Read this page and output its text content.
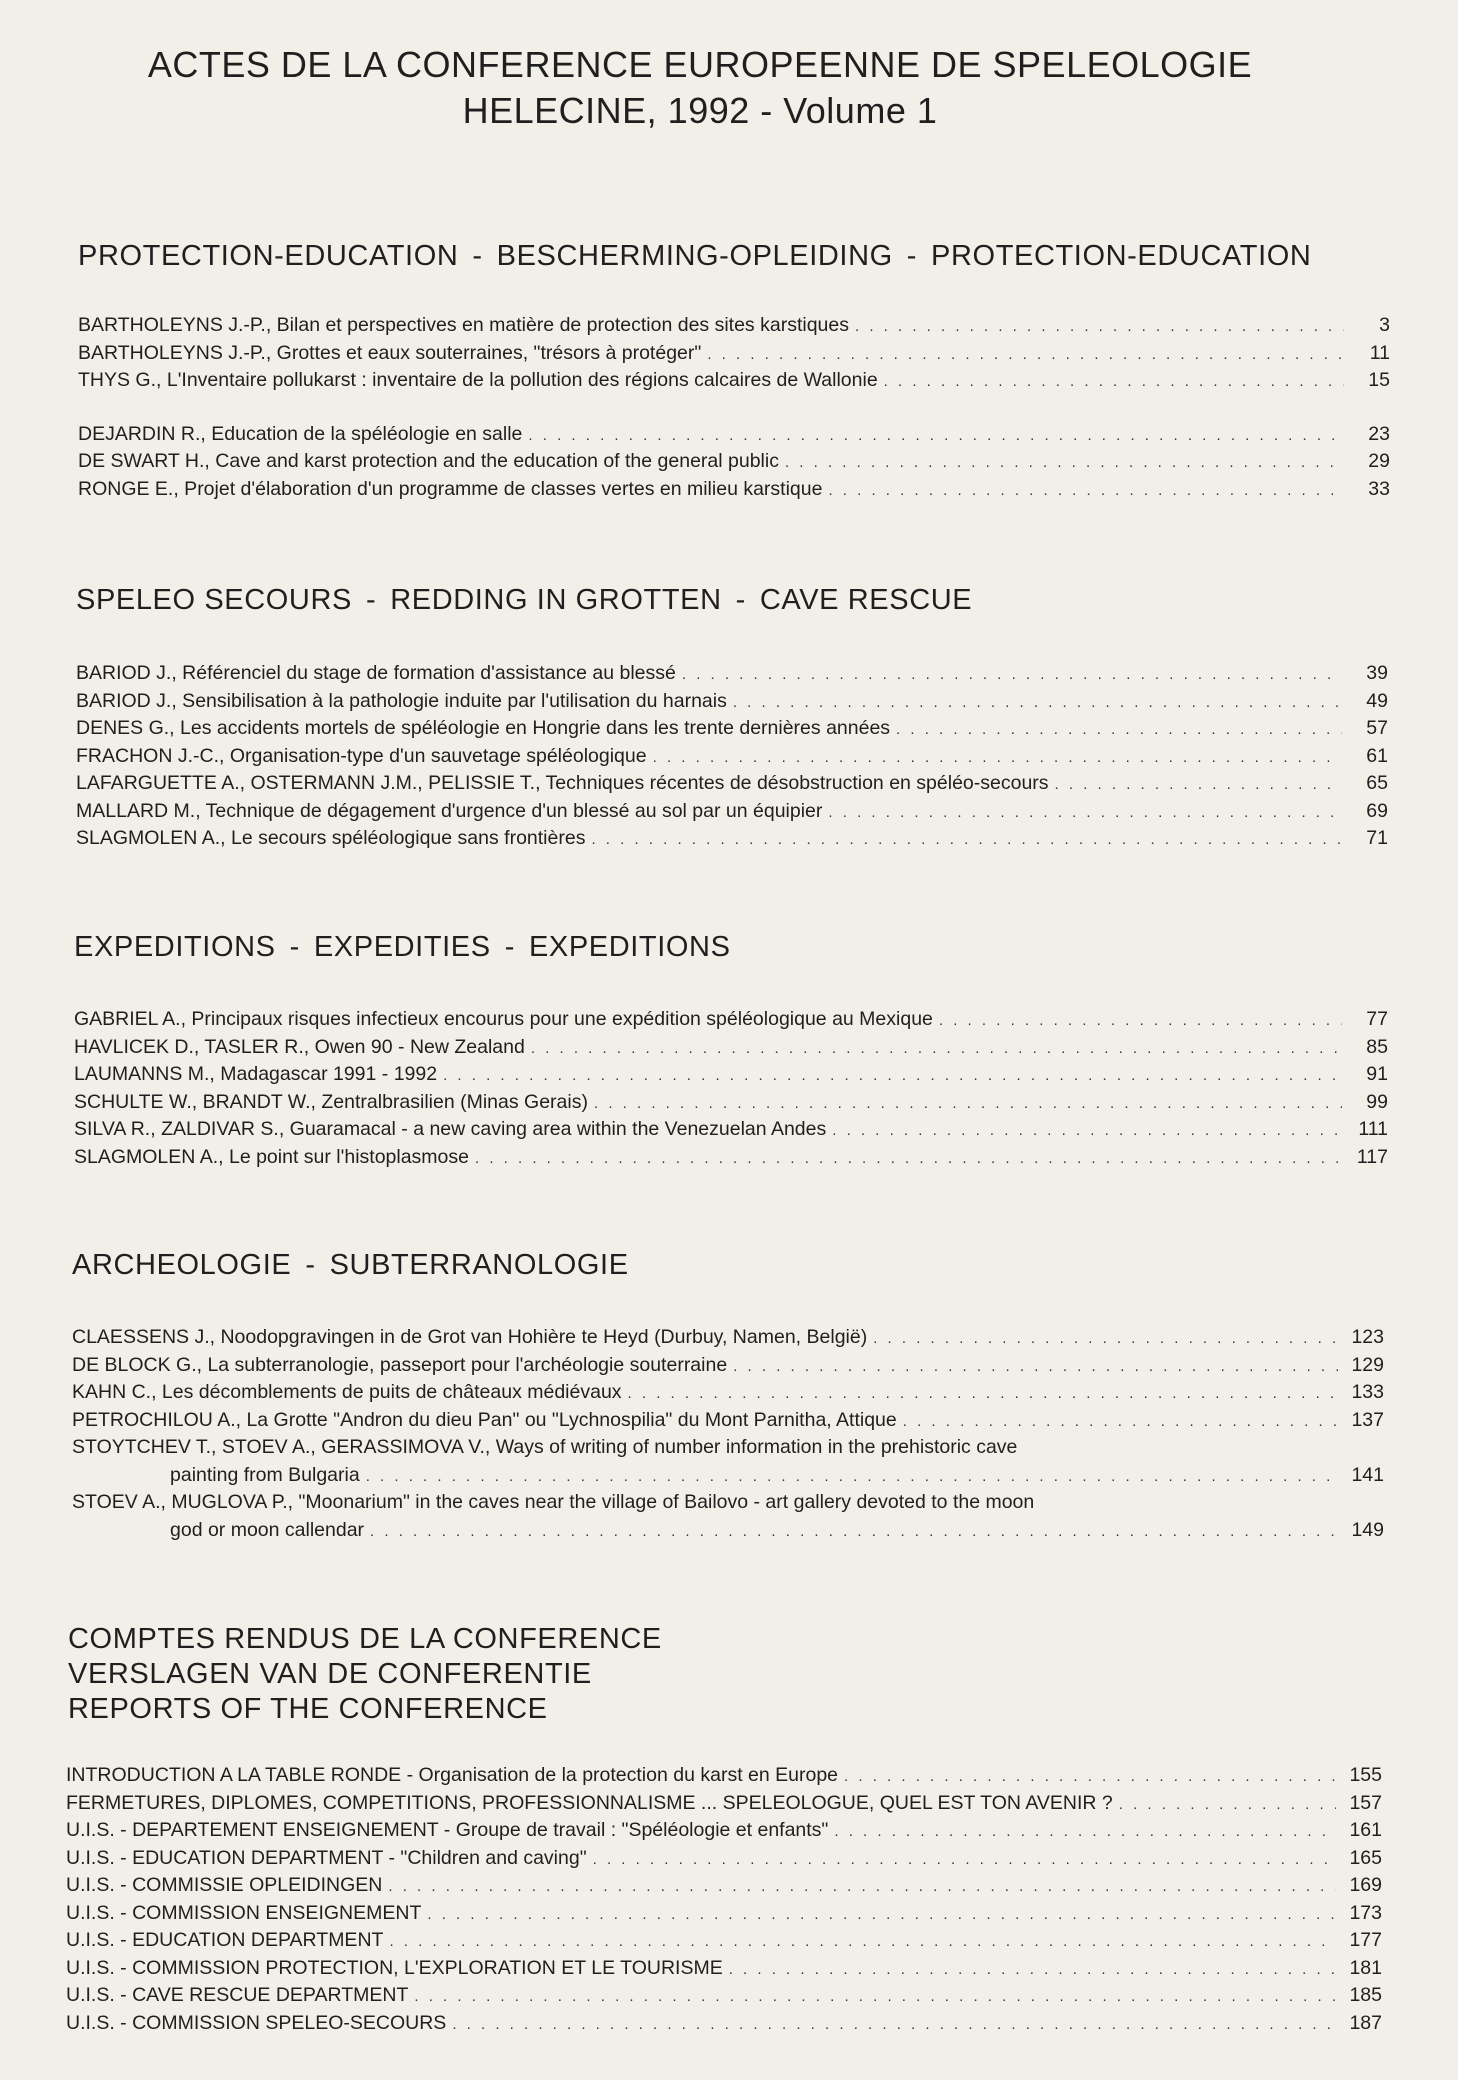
ACTES DE LA CONFERENCE EUROPEENNE DE SPELEOLOGIE
HELECINE, 1992 - Volume 1
PROTECTION-EDUCATION - BESCHERMING-OPLEIDING - PROTECTION-EDUCATION
BARTHOLEYNS J.-P., Bilan et perspectives en matière de protection des sites karstiques . . .	3
BARTHOLEYNS J.-P., Grottes et eaux souterraines, "trésors à protéger" . . .	11
THYS G., L'Inventaire pollukarst : inventaire de la pollution des régions calcaires de Wallonie . . .	15
DEJARDIN R., Education de la spéléologie en salle . . .	23
DE SWART H., Cave and karst protection and the education of the general public . . .	29
RONGE E., Projet d'élaboration d'un programme de classes vertes en milieu karstique . . .	33
SPELEO SECOURS - REDDING IN GROTTEN - CAVE RESCUE
BARIOD J., Référenciel du stage de formation d'assistance au blessé . . .	39
BARIOD J., Sensibilisation à la pathologie induite par l'utilisation du harnais . . .	49
DENES G., Les accidents mortels de spéléologie en Hongrie dans les trente dernières années . . .	57
FRACHON J.-C., Organisation-type d'un sauvetage spéléologique . . .	61
LAFARGUETTE A., OSTERMANN J.M., PELISSIE T., Techniques récentes de désobstruction en spéléo-secours . . .	65
MALLARD M., Technique de dégagement d'urgence d'un blessé au sol par un équipier . . .	69
SLAGMOLEN A., Le secours spéléologique sans frontières . . .	71
EXPEDITIONS - EXPEDITIES - EXPEDITIONS
GABRIEL A., Principaux risques infectieux encourus pour une expédition spéléologique au Mexique . . .	77
HAVLICEK D., TASLER R., Owen 90 - New Zealand . . .	85
LAUMANNS M., Madagascar 1991 - 1992 . . .	91
SCHULTE W., BRANDT W., Zentralbrasilien (Minas Gerais) . . .	99
SILVA R., ZALDIVAR S., Guaramacal - a new caving area within the Venezuelan Andes . . .	111
SLAGMOLEN A., Le point sur l'histoplasmose . . .	117
ARCHEOLOGIE - SUBTERRANOLOGIE
CLAESSENS J., Noodopgravingen in de Grot van Hohière te Heyd (Durbuy, Namen, België) . . .	123
DE BLOCK G., La subterranologie, passeport pour l'archéologie souterraine . . .	129
KAHN C., Les décomblements de puits de châteaux médiévaux . . .	133
PETROCHILOU A., La Grotte "Andron du dieu Pan" ou "Lychnospilia" du Mont Parnitha, Attique . . .	137
STOYTCHEV T., STOEV A., GERASSIMOVA V., Ways of writing of number information in the prehistoric cave
painting from Bulgaria . . .	141
STOEV A., MUGLOVA P., "Moonarium" in the caves near the village of Bailovo - art gallery devoted to the moon
god or moon callendar . . .	149
COMPTES RENDUS DE LA CONFERENCE
VERSLAGEN VAN DE CONFERENTIE
REPORTS OF THE CONFERENCE
INTRODUCTION A LA TABLE RONDE - Organisation de la protection du karst en Europe . . .	155
FERMETURES, DIPLOMES, COMPETITIONS, PROFESSIONNALISME ... SPELEOLOGUE, QUEL EST TON AVENIR ? . . .	157
U.I.S. - DEPARTEMENT ENSEIGNEMENT - Groupe de travail : "Spéléologie et enfants" . . .	161
U.I.S. - EDUCATION DEPARTMENT - "Children and caving" . . .	165
U.I.S. - COMMISSIE OPLEIDINGEN . . .	169
U.I.S. - COMMISSION ENSEIGNEMENT . . .	173
U.I.S. - EDUCATION DEPARTMENT . . .	177
U.I.S. - COMMISSION PROTECTION, L'EXPLORATION ET LE TOURISME . . .	181
U.I.S. - CAVE RESCUE DEPARTMENT . . .	185
U.I.S. - COMMISSION SPELEO-SECOURS . . .	187
